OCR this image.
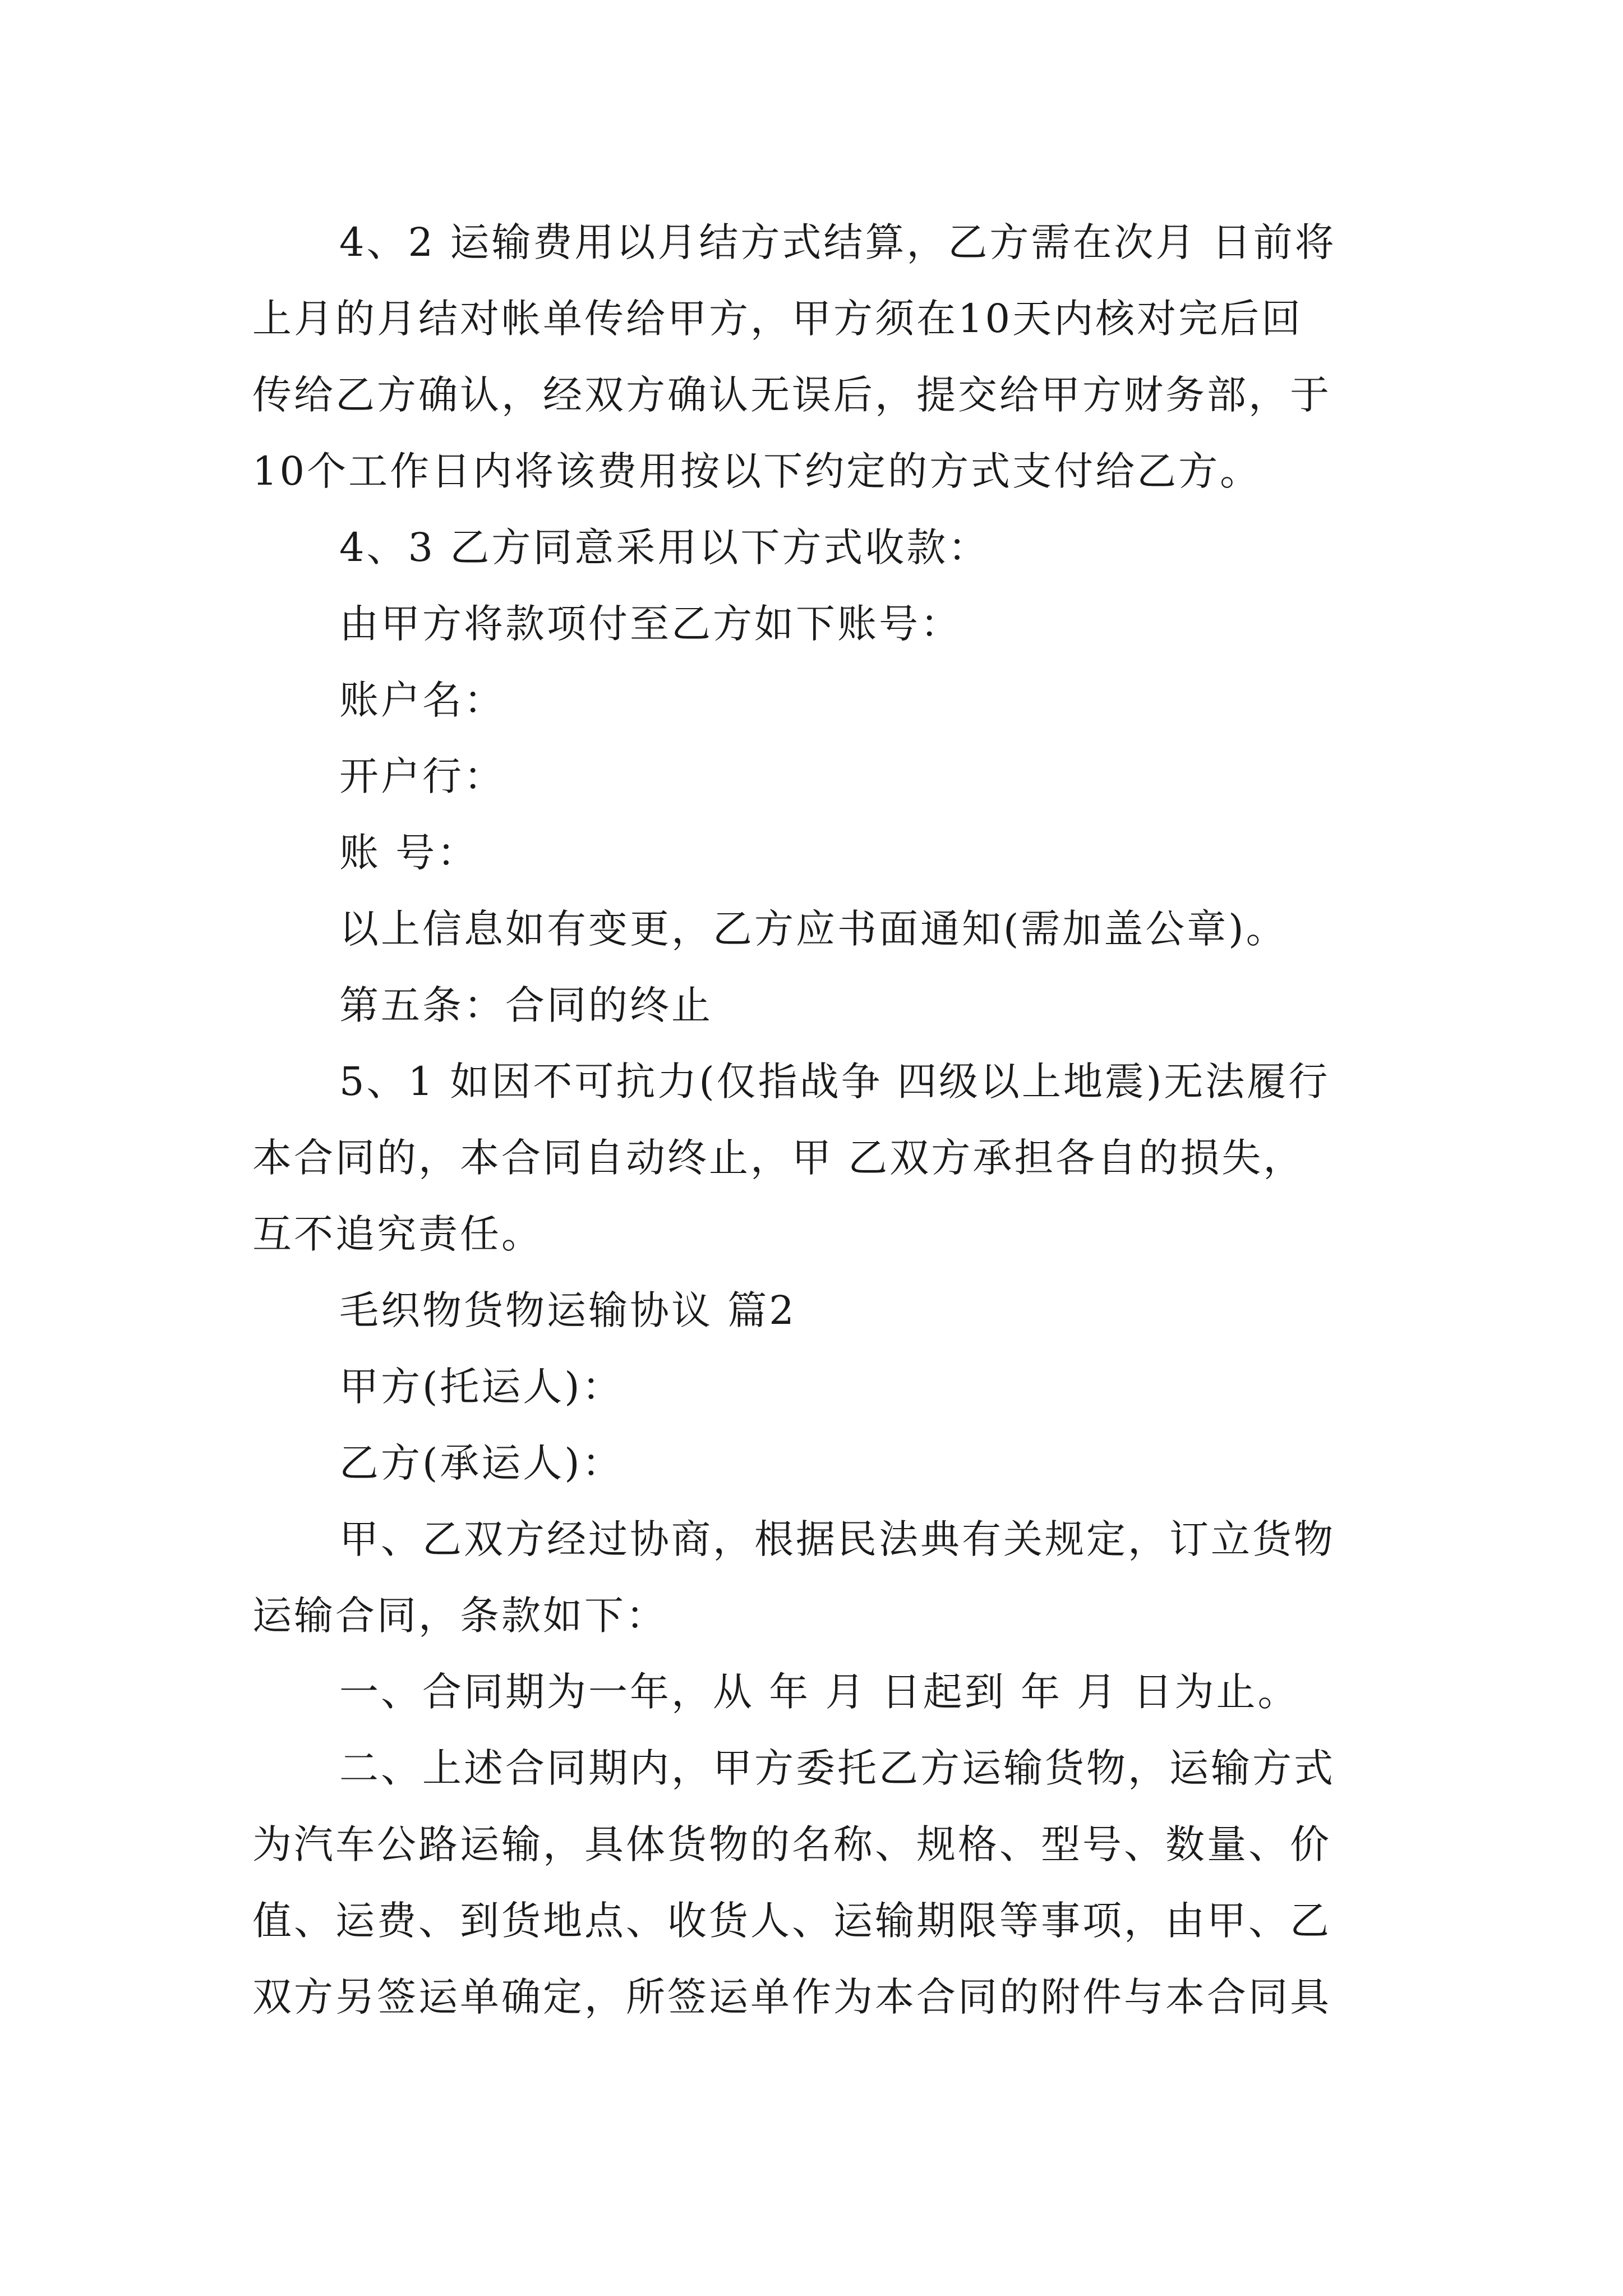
4、2 运输费用以月结方式结算，乙方需在次月 日前将
上月的月结对帐单传给甲方，甲方须在10天内核对完后回
传给乙方确认，经双方确认无误后，提交给甲方财务部，于
10个工作日内将该费用按以下约定的方式支付给乙方。
4、3 乙方同意采用以下方式收款：
由甲方将款项付至乙方如下账号：
账户名：
开户行：
账 号：
以上信息如有变更，乙方应书面通知(需加盖公章)。
第五条：合同的终止
5、1 如因不可抗力(仅指战争 四级以上地震)无法履行
本合同的，本合同自动终止，甲 乙双方承担各自的损失，
互不追究责任。
毛织物货物运输协议 篇2
甲方(托运人)：
乙方(承运人)：
甲、乙双方经过协商，根据民法典有关规定，订立货物
运输合同，条款如下：
一、合同期为一年，从 年 月 日起到 年 月 日为止。
二、上述合同期内，甲方委托乙方运输货物，运输方式
为汽车公路运输，具体货物的名称、规格、型号、数量、价
值、运费、到货地点、收货人、运输期限等事项，由甲、乙
双方另签运单确定，所签运单作为本合同的附件与本合同具
